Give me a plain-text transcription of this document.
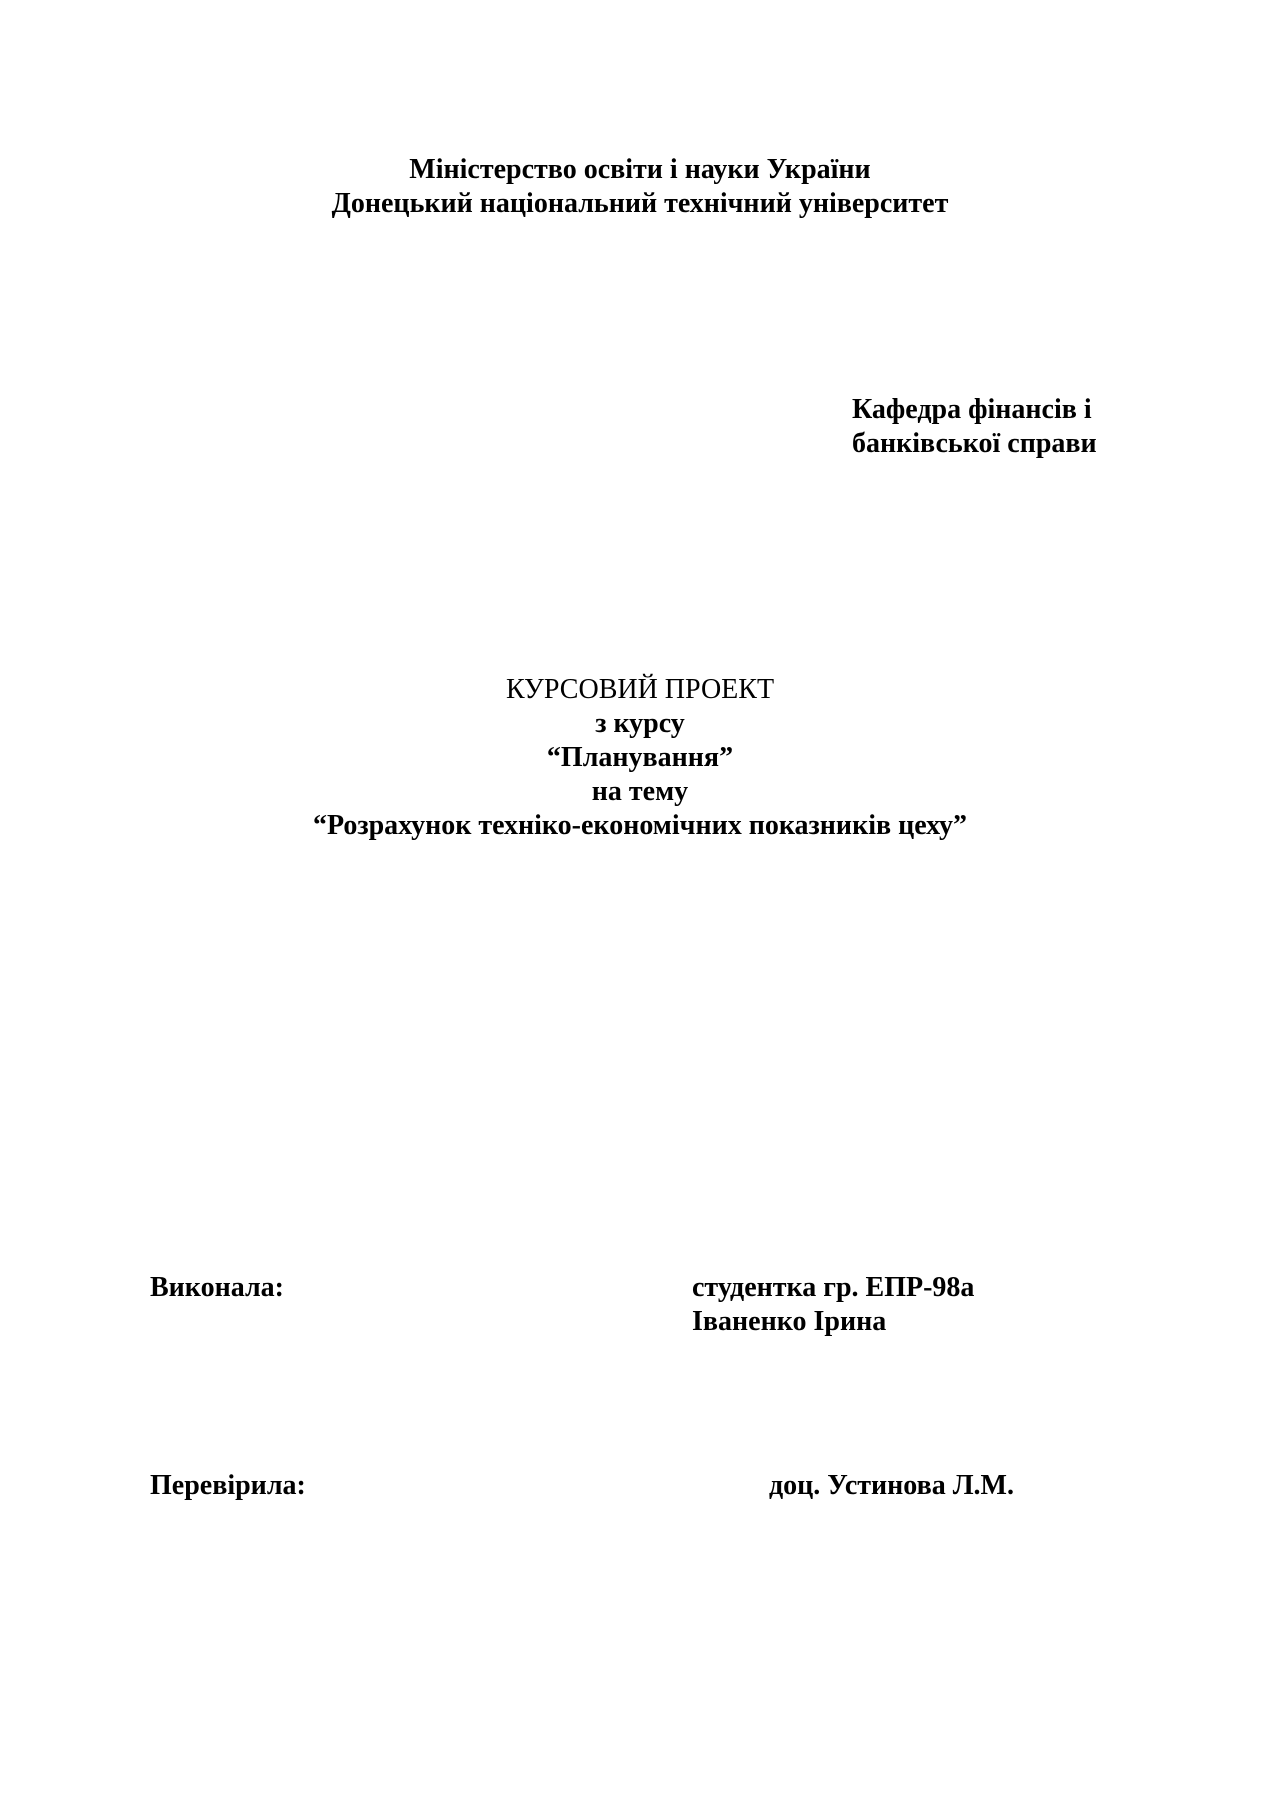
Міністерство освіти і науки України
Донецький національний технічний університет
Кафедра фінансів і
банківської справи
КУРСОВИЙ ПРОЕКТ
з курсу
“Планування”
на тему
“Розрахунок техніко-економічних показників цеху”
Виконала:	студентка гр. ЕПР-98а
Іваненко Ірина
Перевірила:	доц. Устинова Л.М.
